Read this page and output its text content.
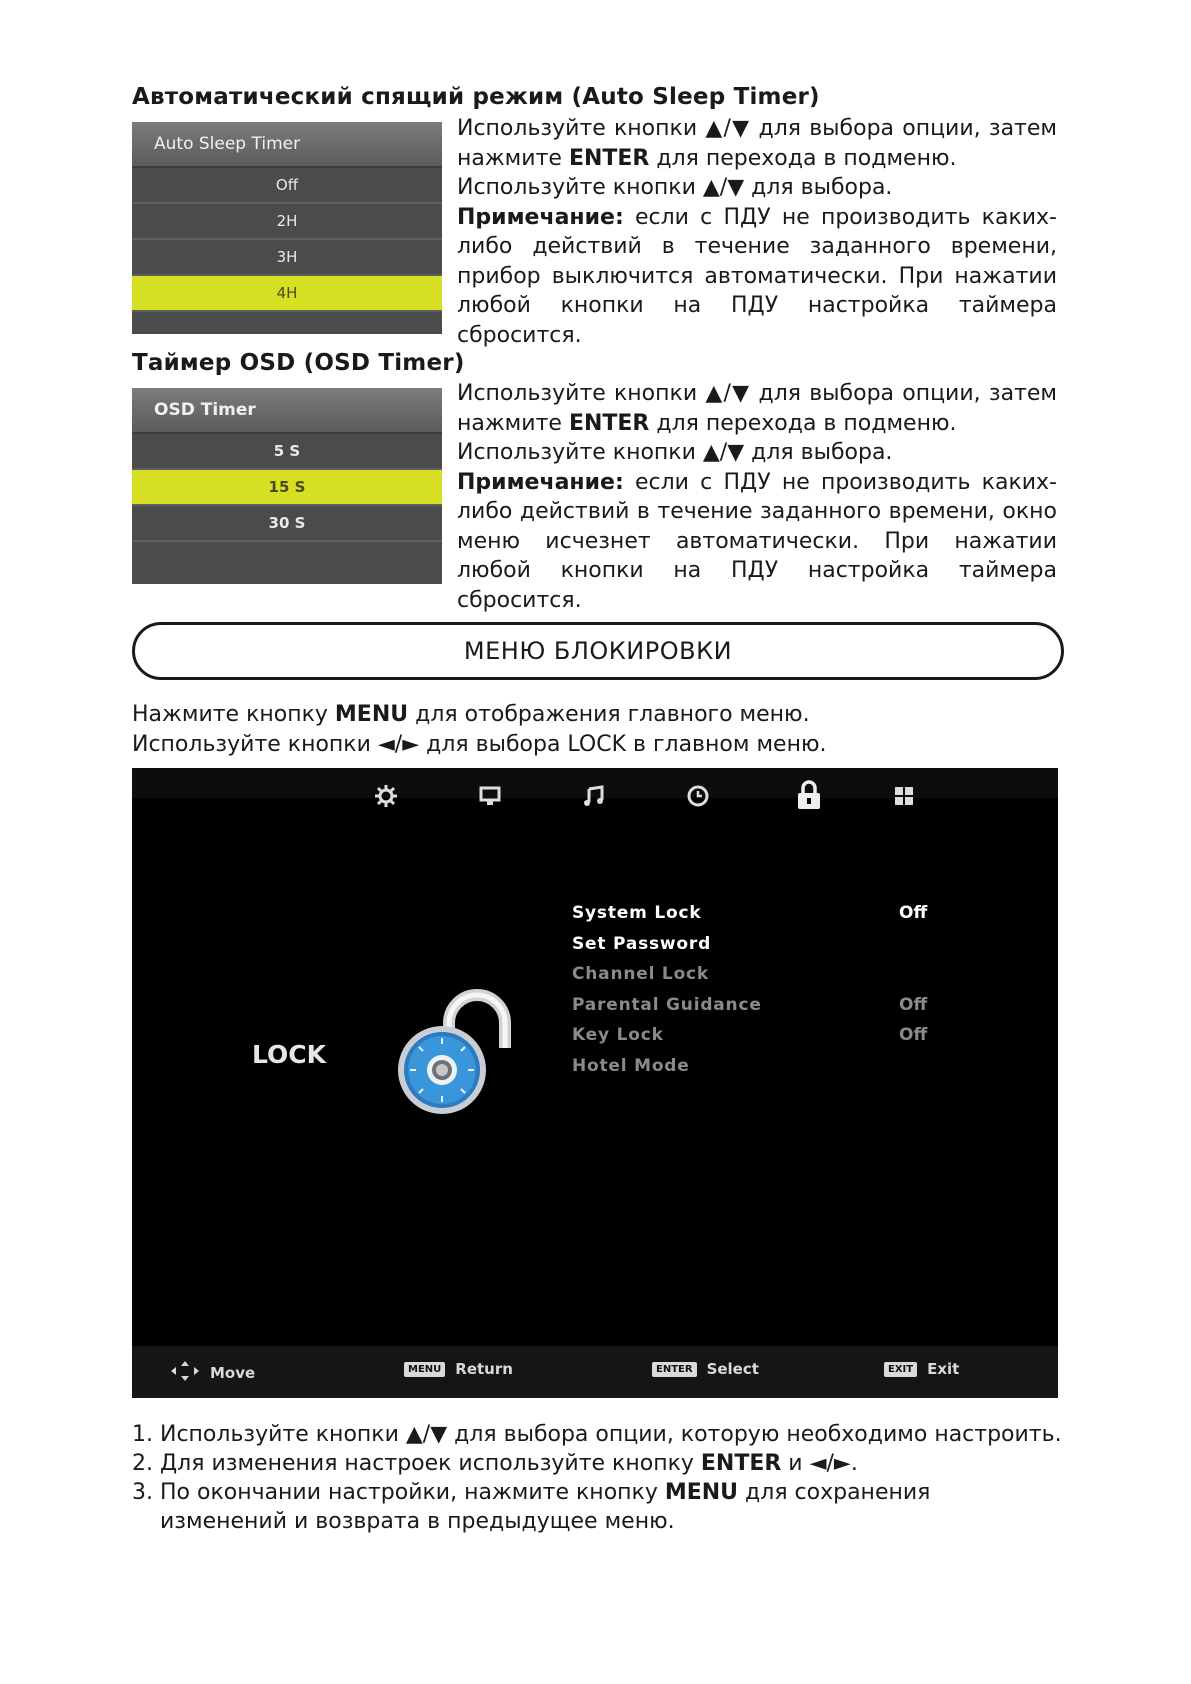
Автоматический спящий режим (Auto Sleep Timer)
Auto Sleep Timer
Off
2H
3H
4H

Используйте кнопки ▲/▼ для выбора опции, затем нажмите ENTER для перехода в подменю.

Используйте кнопки ▲/▼ для выбора.

Примечание: если с ПДУ не производить каких-либо действий в течение заданного времени, прибор выключится автоматически. При нажатии любой кнопки на ПДУ настройка таймера сбросится.

Таймер OSD (OSD Timer)
OSD Timer
5 S
15 S
30 S

Используйте кнопки ▲/▼ для выбора опции, затем нажмите ENTER для перехода в подменю.

Используйте кнопки ▲/▼ для выбора.

Примечание: если с ПДУ не производить каких-либо действий в течение заданного времени, окно меню исчезнет автоматически. При нажатии любой кнопки на ПДУ настройка таймера сбросится.

МЕНЮ БЛОКИРОВКИ
Нажмите кнопку MENU для отображения главного меню.
Используйте кнопки ◄/► для выбора LOCK в главном меню.
LOCK
System Lock	Off
Set Password
Channel Lock
Parental Guidance	Off
Key Lock	Off
Hotel Mode
Move	MENU Return	ENTER Select	EXIT Exit
1. Используйте кнопки ▲/▼ для выбора опции, которую необходимо настроить.
2. Для изменения настроек используйте кнопку ENTER и ◄/►.
3. По окончании настройки, нажмите кнопку MENU для сохранения изменений и возврата в предыдущее меню.
